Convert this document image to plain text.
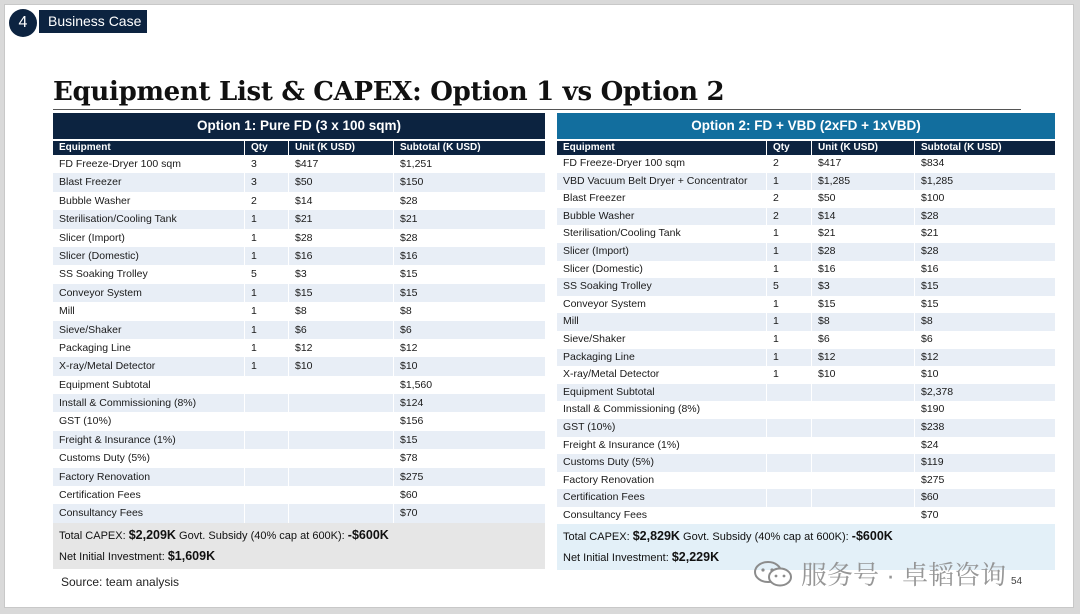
4	Business Case
Equipment List & CAPEX: Option 1 vs Option 2
Option 1: Pure FD (3 x 100 sqm)
Equipment	Qty	Unit (K USD)	Subtotal (K USD)
FD Freeze-Dryer 100 sqm	3	$417	$1,251
Blast Freezer	3	$50	$150
Bubble Washer	2	$14	$28
Sterilisation/Cooling Tank	1	$21	$21
Slicer (Import)	1	$28	$28
Slicer (Domestic)	1	$16	$16
SS Soaking Trolley	5	$3	$15
Conveyor System	1	$15	$15
Mill	1	$8	$8
Sieve/Shaker	1	$6	$6
Packaging Line	1	$12	$12
X-ray/Metal Detector	1	$10	$10
Equipment Subtotal	$1,560
Install & Commissioning (8%)	$124
GST (10%)	$156
Freight & Insurance (1%)	$15
Customs Duty (5%)	$78
Factory Renovation	$275
Certification Fees	$60
Consultancy Fees	$70
Total CAPEX: $2,209K Govt. Subsidy (40% cap at 600K): -$600K
Net Initial Investment: $1,609K
Option 2: FD + VBD (2xFD + 1xVBD)
Equipment	Qty	Unit (K USD)	Subtotal (K USD)
FD Freeze-Dryer 100 sqm	2	$417	$834
VBD Vacuum Belt Dryer + Concentrator	1	$1,285	$1,285
Blast Freezer	2	$50	$100
Bubble Washer	2	$14	$28
Sterilisation/Cooling Tank	1	$21	$21
Slicer (Import)	1	$28	$28
Slicer (Domestic)	1	$16	$16
SS Soaking Trolley	5	$3	$15
Conveyor System	1	$15	$15
Mill	1	$8	$8
Sieve/Shaker	1	$6	$6
Packaging Line	1	$12	$12
X-ray/Metal Detector	1	$10	$10
Equipment Subtotal	$2,378
Install & Commissioning (8%)	$190
GST (10%)	$238
Freight & Insurance (1%)	$24
Customs Duty (5%)	$119
Factory Renovation	$275
Certification Fees	$60
Consultancy Fees	$70
Total CAPEX: $2,829K Govt. Subsidy (40% cap at 600K): -$600K
Net Initial Investment: $2,229K
Source: team analysis	服务号 · 卓韬咨询 54
